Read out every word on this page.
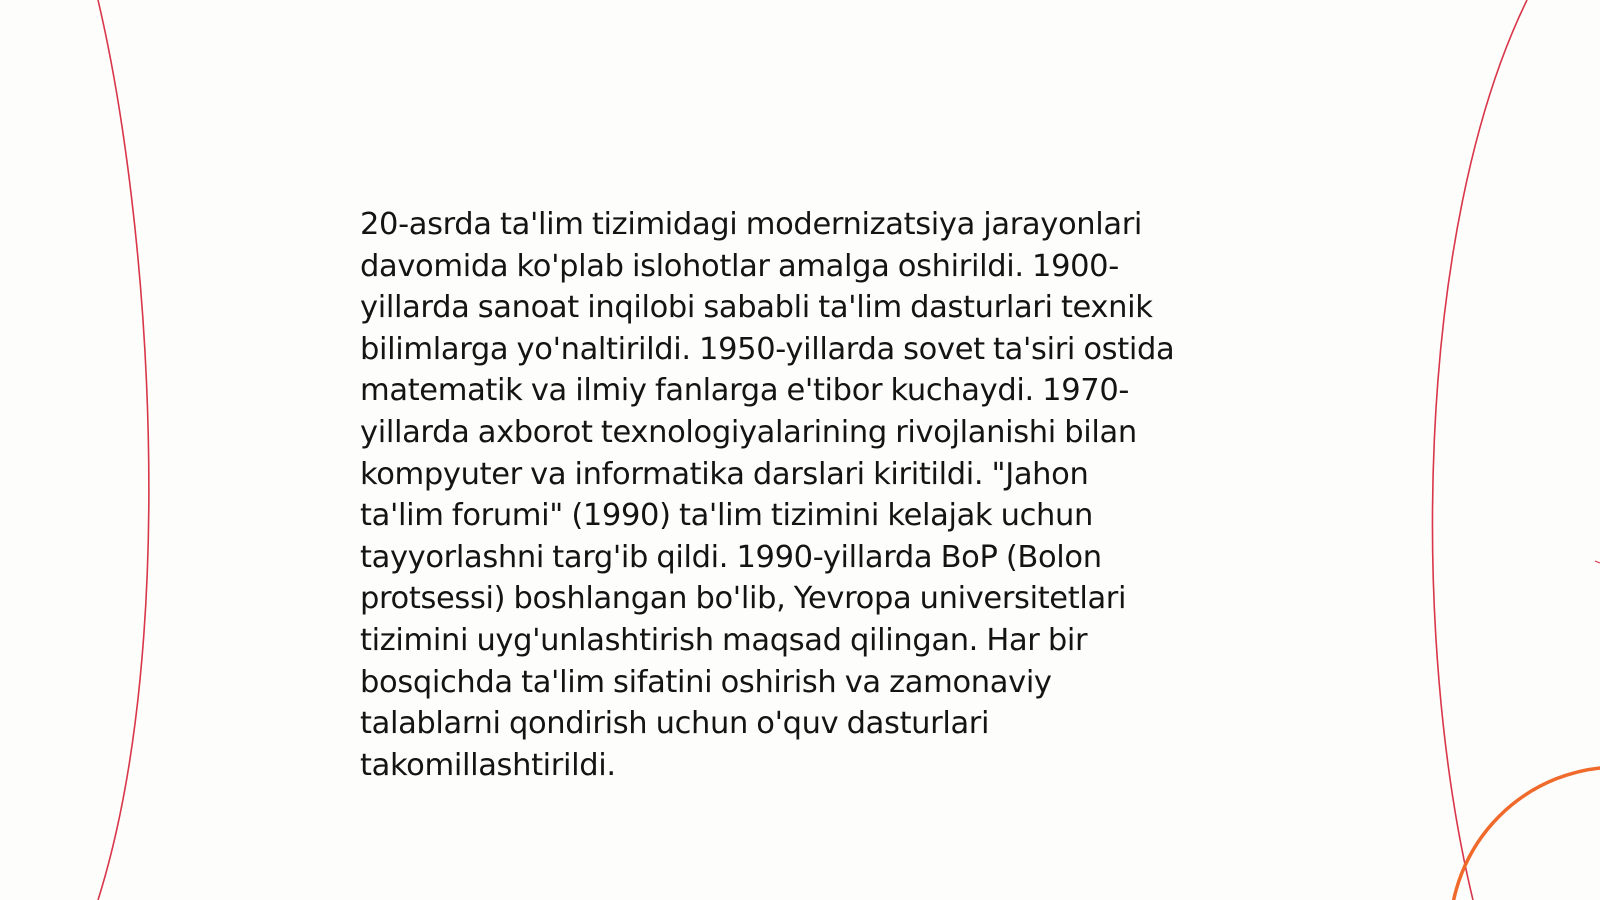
20-asrda ta'lim tizimidagi modernizatsiya jarayonlari
davomida ko'plab islohotlar amalga oshirildi. 1900-
yillarda sanoat inqilobi sababli ta'lim dasturlari texnik
bilimlarga yo'naltirildi. 1950-yillarda sovet ta'siri ostida
matematik va ilmiy fanlarga e'tibor kuchaydi. 1970-
yillarda axborot texnologiyalarining rivojlanishi bilan
kompyuter va informatika darslari kiritildi. "Jahon
ta'lim forumi" (1990) ta'lim tizimini kelajak uchun
tayyorlashni targ'ib qildi. 1990-yillarda BoP (Bolon
protsessi) boshlangan bo'lib, Yevropa universitetlari
tizimini uyg'unlashtirish maqsad qilingan. Har bir
bosqichda ta'lim sifatini oshirish va zamonaviy
talablarni qondirish uchun o'quv dasturlari
takomillashtirildi.
